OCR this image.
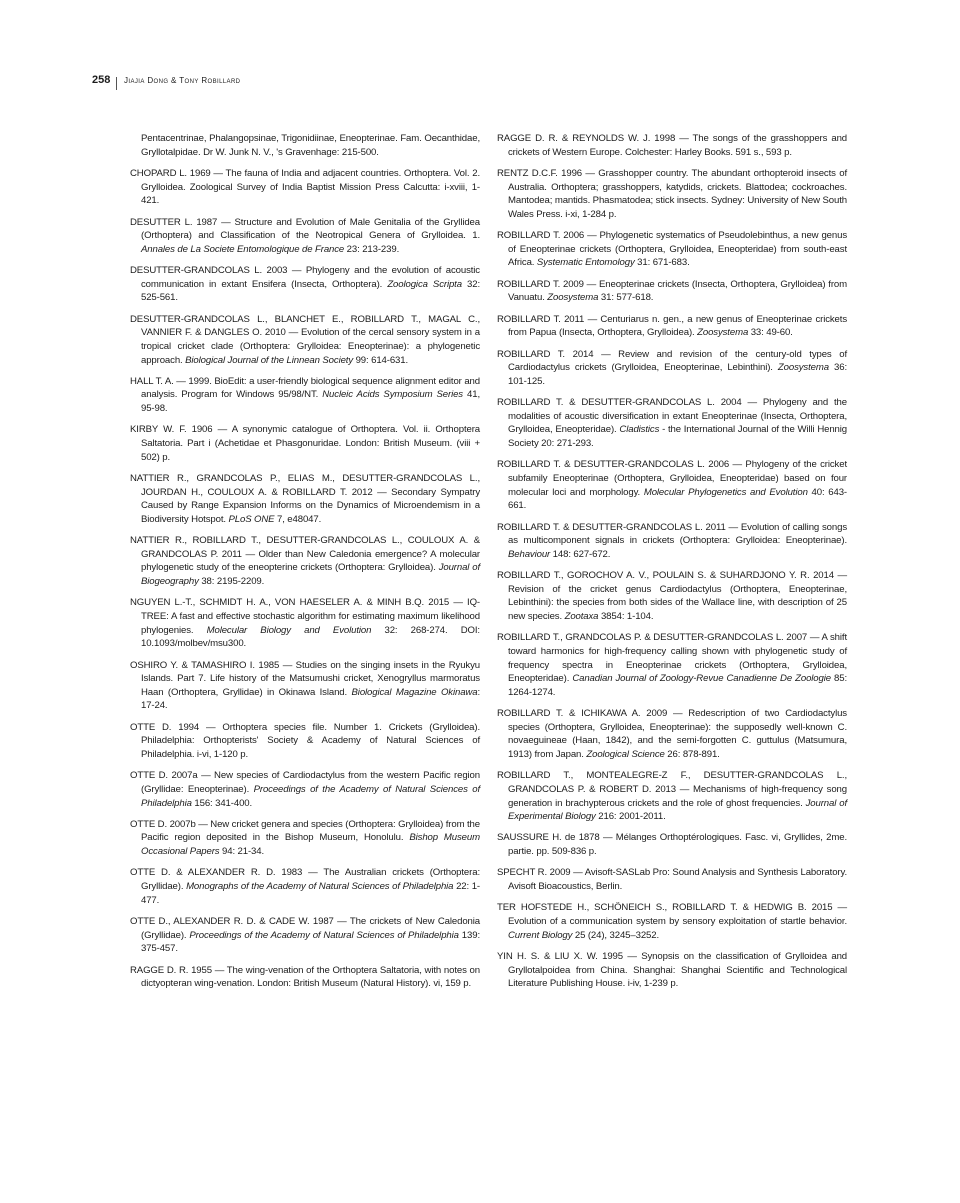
258 Jiajia Dong & Tony Robillard

Pentacentrinae, Phalangopsinae, Trigonidiinae, Eneopterinae. Fam. Oecanthidae, Gryllotalpidae. Dr W. Junk N. V., 's Gravenhage: 215-500.

CHOPARD L. 1969 — The fauna of India and adjacent countries. Orthoptera. Vol. 2. Grylloidea. Zoological Survey of India Baptist Mission Press Calcutta: i-xviii, 1-421.

DESUTTER L. 1987 — Structure and Evolution of Male Genitalia of the Gryllidea (Orthoptera) and Classification of the Neotropical Genera of Grylloidea. 1. Annales de La Societe Entomologique de France 23: 213-239.

DESUTTER-GRANDCOLAS L. 2003 — Phylogeny and the evolution of acoustic communication in extant Ensifera (Insecta, Orthoptera). Zoologica Scripta 32: 525-561.

DESUTTER-GRANDCOLAS L., BLANCHET E., ROBILLARD T., MAGAL C., VANNIER F. & DANGLES O. 2010 — Evolution of the cercal sensory system in a tropical cricket clade (Orthoptera: Grylloidea: Eneopterinae): a phylogenetic approach. Biological Journal of the Linnean Society 99: 614-631.

HALL T. A. — 1999. BioEdit: a user-friendly biological sequence alignment editor and analysis. Program for Windows 95/98/NT. Nucleic Acids Symposium Series 41, 95-98.

KIRBY W. F. 1906 — A synonymic catalogue of Orthoptera. Vol. ii. Orthoptera Saltatoria. Part i (Achetidae et Phasgonuridae. London: British Museum. (viii + 502) p.

NATTIER R., GRANDCOLAS P., ELIAS M., DESUTTER-GRANDCOLAS L., JOURDAN H., COULOUX A. & ROBILLARD T. 2012 — Secondary Sympatry Caused by Range Expansion Informs on the Dynamics of Microendemism in a Biodiversity Hotspot. PLoS ONE 7, e48047.

NATTIER R., ROBILLARD T., DESUTTER-GRANDCOLAS L., COULOUX A. & GRANDCOLAS P. 2011 — Older than New Caledonia emergence? A molecular phylogenetic study of the eneopterine crickets (Orthoptera: Grylloidea). Journal of Biogeography 38: 2195-2209.

NGUYEN L.-T., SCHMIDT H. A., VON HAESELER A. & MINH B.Q. 2015 — IQ-TREE: A fast and effective stochastic algorithm for estimating maximum likelihood phylogenies. Molecular Biology and Evolution 32: 268-274. DOI: 10.1093/molbev/msu300.

OSHIRO Y. & TAMASHIRO I. 1985 — Studies on the singing insets in the Ryukyu Islands. Part 7. Life history of the Matsumushi cricket, Xenogryllus marmoratus Haan (Orthoptera, Gryllidae) in Okinawa Island. Biological Magazine Okinawa: 17-24.

OTTE D. 1994 — Orthoptera species file. Number 1. Crickets (Grylloidea). Philadelphia: Orthopterists' Society & Academy of Natural Sciences of Philadelphia. i-vi, 1-120 p.

OTTE D. 2007a — New species of Cardiodactylus from the western Pacific region (Gryllidae: Eneopterinae). Proceedings of the Academy of Natural Sciences of Philadelphia 156: 341-400.

OTTE D. 2007b — New cricket genera and species (Orthoptera: Grylloidea) from the Pacific region deposited in the Bishop Museum, Honolulu. Bishop Museum Occasional Papers 94: 21-34.

OTTE D. & ALEXANDER R. D. 1983 — The Australian crickets (Orthoptera: Gryllidae). Monographs of the Academy of Natural Sciences of Philadelphia 22: 1-477.

OTTE D., ALEXANDER R. D. & CADE W. 1987 — The crickets of New Caledonia (Gryllidae). Proceedings of the Academy of Natural Sciences of Philadelphia 139: 375-457.

RAGGE D. R. 1955 — The wing-venation of the Orthoptera Saltatoria, with notes on dictyopteran wing-venation. London: British Museum (Natural History). vi, 159 p.

RAGGE D. R. & REYNOLDS W. J. 1998 — The songs of the grasshoppers and crickets of Western Europe. Colchester: Harley Books. 591 s., 593 p.

RENTZ D.C.F. 1996 — Grasshopper country. The abundant orthopteroid insects of Australia. Orthoptera; grasshoppers, katydids, crickets. Blattodea; cockroaches. Mantodea; mantids. Phasmatodea; stick insects. Sydney: University of New South Wales Press. i-xi, 1-284 p.

ROBILLARD T. 2006 — Phylogenetic systematics of Pseudolebinthus, a new genus of Eneopterinae crickets (Orthoptera, Grylloidea, Eneopteridae) from south-east Africa. Systematic Entomology 31: 671-683.

ROBILLARD T. 2009 — Eneopterinae crickets (Insecta, Orthoptera, Grylloidea) from Vanuatu. Zoosystema 31: 577-618.

ROBILLARD T. 2011 — Centuriarus n. gen., a new genus of Eneopterinae crickets from Papua (Insecta, Orthoptera, Grylloidea). Zoosystema 33: 49-60.

ROBILLARD T. 2014 — Review and revision of the century-old types of Cardiodactylus crickets (Grylloidea, Eneopterinae, Lebinthini). Zoosystema 36: 101-125.

ROBILLARD T. & DESUTTER-GRANDCOLAS L. 2004 — Phylogeny and the modalities of acoustic diversification in extant Eneopterinae (Insecta, Orthoptera, Grylloidea, Eneopteridae). Cladistics - the International Journal of the Willi Hennig Society 20: 271-293.

ROBILLARD T. & DESUTTER-GRANDCOLAS L. 2006 — Phylogeny of the cricket subfamily Eneopterinae (Orthoptera, Grylloidea, Eneopteridae) based on four molecular loci and morphology. Molecular Phylogenetics and Evolution 40: 643-661.

ROBILLARD T. & DESUTTER-GRANDCOLAS L. 2011 — Evolution of calling songs as multicomponent signals in crickets (Orthoptera: Grylloidea: Eneopterinae). Behaviour 148: 627-672.

ROBILLARD T., GOROCHOV A. V., POULAIN S. & SUHARDJONO Y. R. 2014 — Revision of the cricket genus Cardiodactylus (Orthoptera, Eneopterinae, Lebinthini): the species from both sides of the Wallace line, with description of 25 new species. Zootaxa 3854: 1-104.

ROBILLARD T., GRANDCOLAS P. & DESUTTER-GRANDCOLAS L. 2007 — A shift toward harmonics for high-frequency calling shown with phylogenetic study of frequency spectra in Eneopterinae crickets (Orthoptera, Grylloidea, Eneopteridae). Canadian Journal of Zoology-Revue Canadienne De Zoologie 85: 1264-1274.

ROBILLARD T. & ICHIKAWA A. 2009 — Redescription of two Cardiodactylus species (Orthoptera, Grylloidea, Eneopterinae): the supposedly well-known C. novaeguineae (Haan, 1842), and the semi-forgotten C. guttulus (Matsumura, 1913) from Japan. Zoological Science 26: 878-891.

ROBILLARD T., MONTEALEGRE-Z F., DESUTTER-GRANDCOLAS L., GRANDCOLAS P. & ROBERT D. 2013 — Mechanisms of high-frequency song generation in brachypterous crickets and the role of ghost frequencies. Journal of Experimental Biology 216: 2001-2011.

SAUSSURE H. de 1878 — Mélanges Orthoptérologiques. Fasc. vi, Gryllides, 2me. partie. pp. 509-836 p.

SPECHT R. 2009 — Avisoft-SASLab Pro: Sound Analysis and Synthesis Laboratory. Avisoft Bioacoustics, Berlin.

TER HOFSTEDE H., SCHÖNEICH S., ROBILLARD T. & HEDWIG B. 2015 — Evolution of a communication system by sensory exploitation of startle behavior. Current Biology 25 (24), 3245–3252.

YIN H. S. & LIU X. W. 1995 — Synopsis on the classification of Grylloidea and Gryllotalpoidea from China. Shanghai: Shanghai Scientific and Technological Literature Publishing House. i-iv, 1-239 p.
